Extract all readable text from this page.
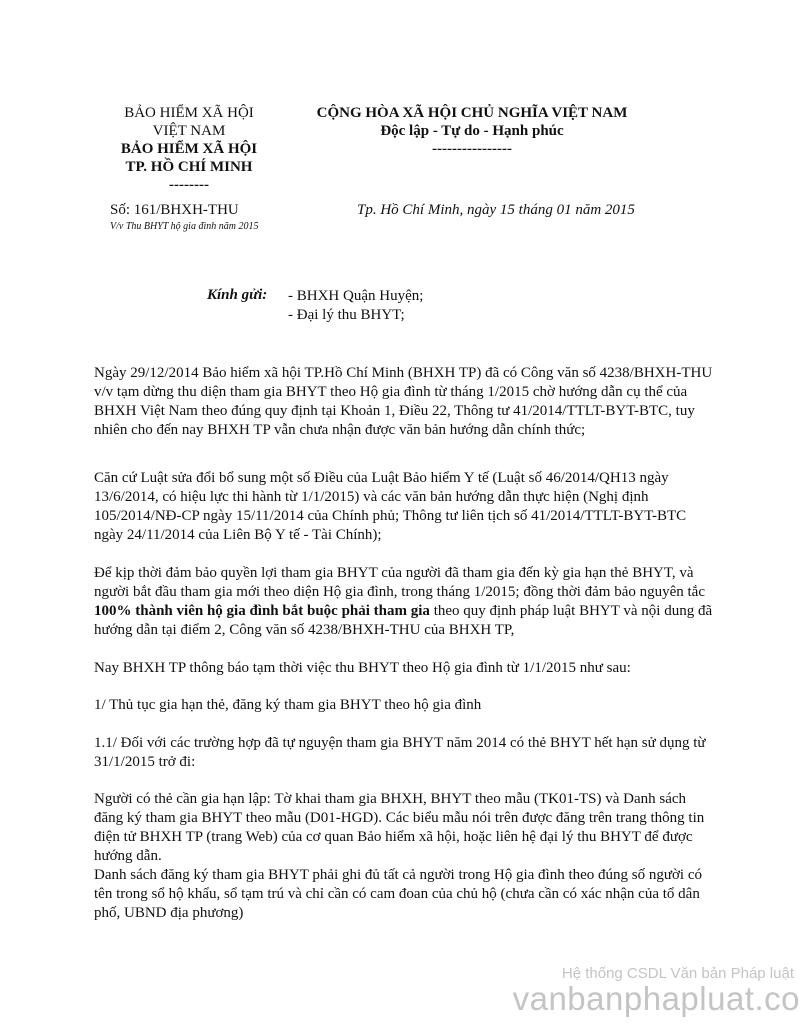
BẢO HIỂM XÃ HỘI
VIỆT NAM
BẢO HIỂM XÃ HỘI
TP. HỒ CHÍ MINH
--------
CỘNG HÒA XÃ HỘI CHỦ NGHĨA VIỆT NAM
Độc lập - Tự do - Hạnh phúc
----------------
Số: 161/BHXH-THU
V/v Thu BHYT hộ gia đình năm 2015
Tp. Hồ Chí Minh, ngày 15 tháng 01 năm 2015
Kính gửi: - BHXH Quận Huyện;
- Đại lý thu BHYT;

Ngày 29/12/2014 Bảo hiểm xã hội TP.Hồ Chí Minh (BHXH TP) đã có Công văn số 4238/BHXH-THU v/v tạm dừng thu diện tham gia BHYT theo Hộ gia đình từ tháng 1/2015 chờ hướng dẫn cụ thể của BHXH Việt Nam theo đúng quy định tại Khoản 1, Điều 22, Thông tư 41/2014/TTLT-BYT-BTC, tuy nhiên cho đến nay BHXH TP vẫn chưa nhận được văn bản hướng dẫn chính thức;

Căn cứ Luật sửa đổi bổ sung một số Điều của Luật Bảo hiểm Y tế (Luật số 46/2014/QH13 ngày 13/6/2014, có hiệu lực thi hành từ 1/1/2015) và các văn bản hướng dẫn thực hiện (Nghị định 105/2014/NĐ-CP ngày 15/11/2014 của Chính phủ; Thông tư liên tịch số 41/2014/TTLT-BYT-BTC ngày 24/11/2014 của Liên Bộ Y tế - Tài Chính);

Để kịp thời đảm bảo quyền lợi tham gia BHYT của người đã tham gia đến kỳ gia hạn thẻ BHYT, và người bắt đầu tham gia mới theo diện Hộ gia đình, trong tháng 1/2015; đồng thời đảm bảo nguyên tắc 100% thành viên hộ gia đình bắt buộc phải tham gia theo quy định pháp luật BHYT và nội dung đã hướng dẫn tại điểm 2, Công văn số 4238/BHXH-THU của BHXH TP,

Nay BHXH TP thông báo tạm thời việc thu BHYT theo Hộ gia đình từ 1/1/2015 như sau:

1/ Thủ tục gia hạn thẻ, đăng ký tham gia BHYT theo hộ gia đình

1.1/ Đối với các trường hợp đã tự nguyện tham gia BHYT năm 2014 có thẻ BHYT hết hạn sử dụng từ 31/1/2015 trở đi:

Người có thẻ cần gia hạn lập: Tờ khai tham gia BHXH, BHYT theo mẫu (TK01-TS) và Danh sách đăng ký tham gia BHYT theo mẫu (D01-HGD). Các biểu mẫu nói trên được đăng trên trang thông tin điện tử BHXH TP (trang Web) của cơ quan Bảo hiểm xã hội, hoặc liên hệ đại lý thu BHYT để được hướng dẫn.

Danh sách đăng ký tham gia BHYT phải ghi đủ tất cả người trong Hộ gia đình theo đúng số người có tên trong sổ hộ khẩu, sổ tạm trú và chỉ cần có cam đoan của chủ hộ (chưa cần có xác nhận của tổ dân phố, UBND địa phương)

Hệ thống CSDL Văn bản Pháp luật
vanbanphapluat.co
